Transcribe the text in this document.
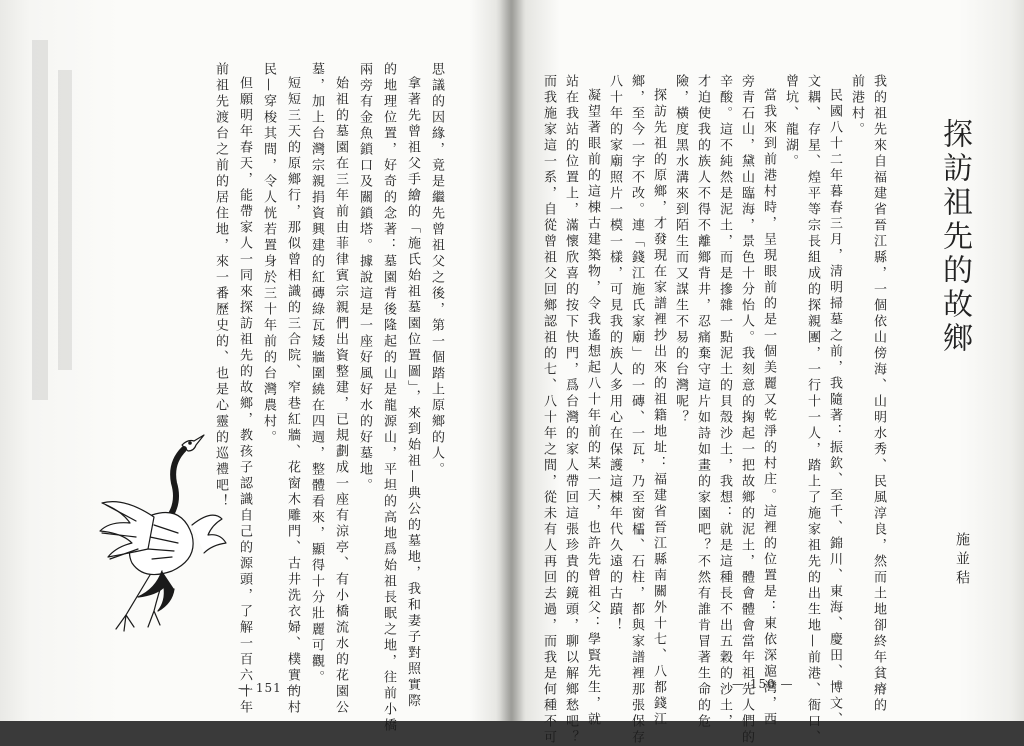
探訪祖先的故鄉
施並秸
我的祖先來自福建省晉江縣，一個依山傍海、山明水秀、民風淳良，然而土地卻終年貧瘠的
前港村。
民國八十二年暮春三月，清明掃墓之前，我隨著：振欽、至千、錦川、東海、慶田、博文、
文耦、存星、煌平等宗長組成的探親團，一行十一人，踏上了施家祖先的出生地—前港、衙口、
曾坑、龍湖。
當我來到前港村時，呈現眼前的是一個美麗又乾淨的村庄。這裡的位置是：東依深滬灣，西
旁青石山，黛山臨海，景色十分怡人。我刻意的掬起一把故鄉的泥土，體會體會當年祖先人們的
辛酸。這不純然是泥土，而是摻雜一點泥土的貝殼沙土，我想：就是這種長不出五穀的沙土，
才迫使我的族人不得不離鄉背井，忍痛棄守這片如詩如畫的家園吧？不然有誰肯冒著生命的危
險，橫度黑水溝來到陌生而又謀生不易的台灣呢？
探訪先祖的原鄉，才發現在家譜裡抄出來的祖籍地址：福建省晉江縣南關外十七、八都錢江
鄉，至今一字不改。連「錢江施氏家廟」的一磚、一瓦，乃至窗櫺、石柱，都與家譜裡那張保存
八十年的家廟照片一模一樣，可見我的族人多用心在保護這棟年代久遠的古蹟！
凝望著眼前的這棟古建築物，令我遙想起八十年前的某一天，也許先曾祖父：學賢先生，就
站在我站的位置上，滿懷欣喜的按下快門，爲台灣的家人帶回這張珍貴的鏡頭，聊以解鄉愁吧？
而我施家這一系，自從曾祖父回鄉認祖的七、八十年之間，從未有人再回去過，而我是何種不可	— 150 —
思議的因緣，竟是繼先曾祖父之後，第一個踏上原鄉的人。
拿著先曾祖父手繪的「施氏始祖墓園位置圖」，來到始祖—典公的墓地，我和妻子對照實際
的地理位置，好奇的念著：墓園背後隆起的山是龍源山，平坦的高地爲始祖長眠之地，往前小橋
兩旁有金魚鎖口及關鎖塔。據說這是一座好風好水的好墓地。
始祖的墓園在三年前由菲律賓宗親們出資整建，已規劃成一座有涼亭、有小橋流水的花園公
墓，加上台灣宗親捐資興建的紅磚綠瓦矮牆圍繞在四週，整體看來，顯得十分壯麗可觀。
短短三天的原鄉行，那似曾相識的三合院、窄巷紅牆、花窗木雕門、古井洗衣婦、樸實的村
民—穿梭其間，令人恍若置身於三十年前的台灣農村。
但願明年春天，能帶家人一同來探訪祖先的故鄉，教孩子認識自己的源頭，了解一百六十年
前祖先渡台之前的居住地，來一番歷史的、也是心靈的巡禮吧！
— 151 —
